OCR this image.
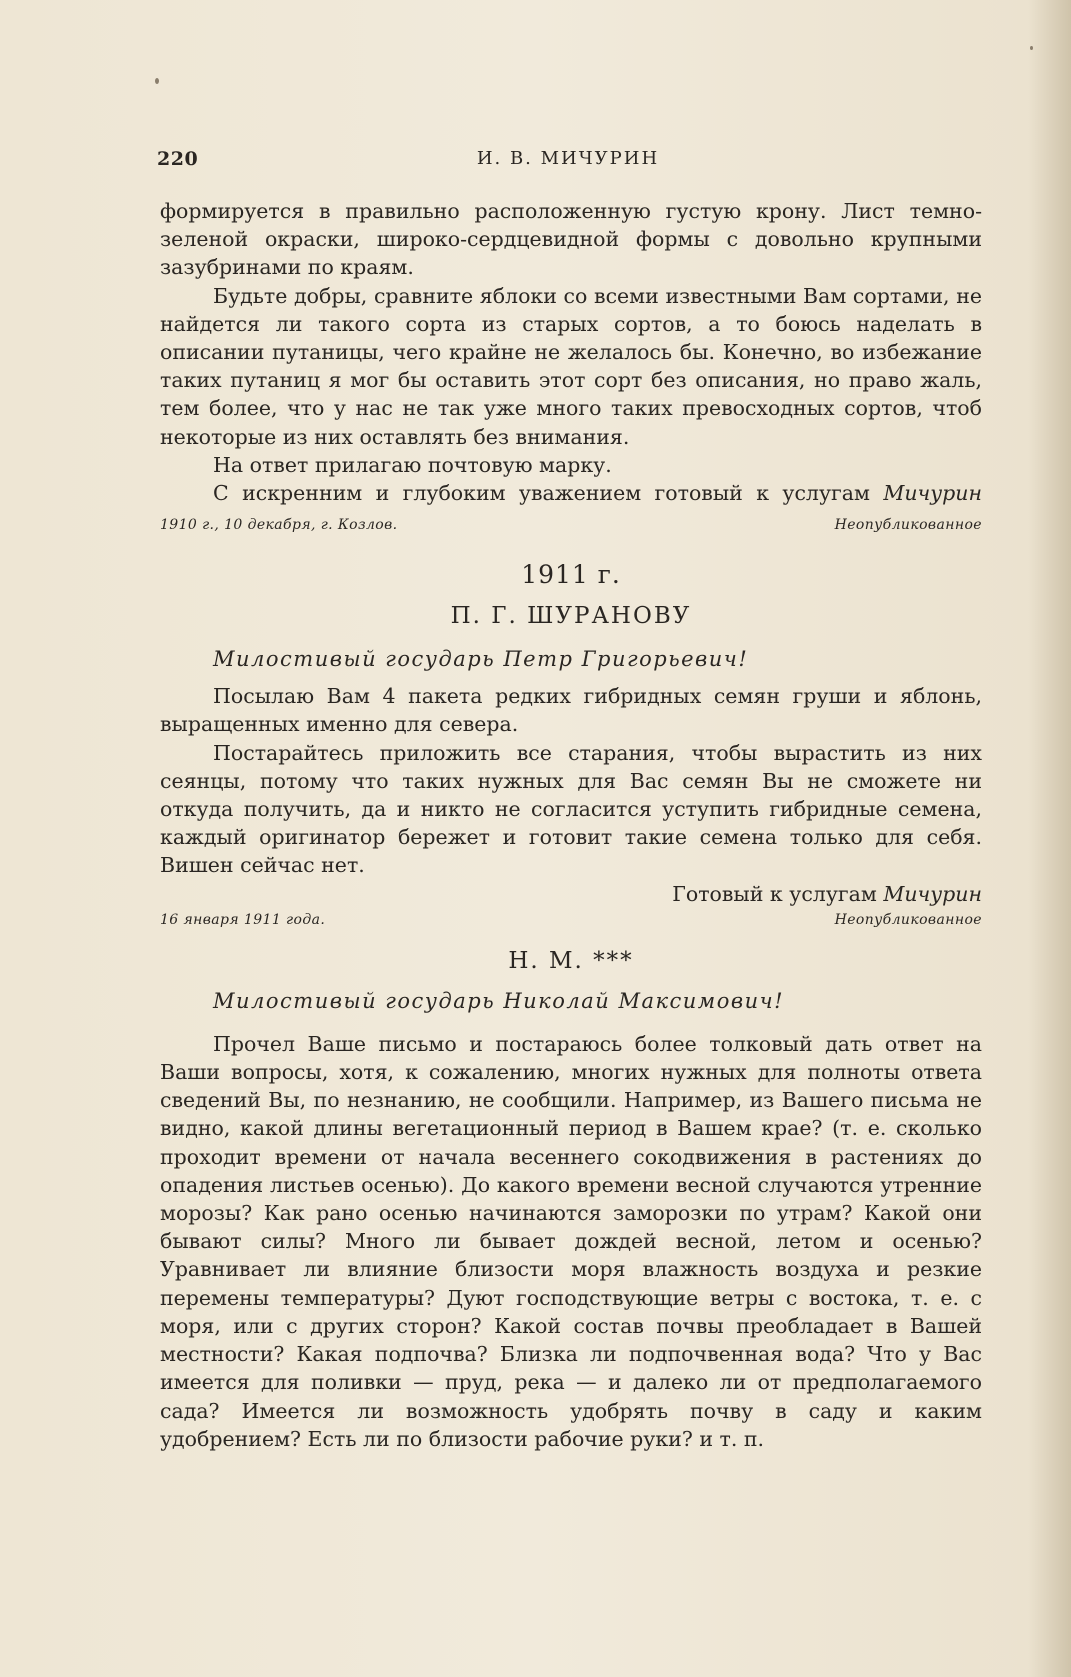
220	И. В. МИЧУРИН

формируется в правильно расположенную густую крону. Лист темно-зеленой окраски, широко-сердцевидной формы с довольно крупными зазубринами по краям.

Будьте добры, сравните яблоки со всеми известными Вам сортами, не найдется ли такого сорта из старых сортов, а то боюсь наделать в описании путаницы, чего крайне не желалось бы. Конечно, во избежание таких путаниц я мог бы оставить этот сорт без описания, но право жаль, тем более, что у нас не так уже много таких превосходных сортов, чтоб некоторые из них оставлять без внимания.

На ответ прилагаю почтовую марку.

С искренним и глубоким уважением готовый к услугам Мичурин

1910 г., 10 декабря, г. Козлов.	Неопубликованное
1911 г.
П. Г. ШУРАНОВУ
Милостивый государь Петр Григорьевич!

Посылаю Вам 4 пакета редких гибридных семян груши и яблонь, выращенных именно для севера.

Постарайтесь приложить все старания, чтобы вырастить из них сеянцы, потому что таких нужных для Вас семян Вы не сможете ни откуда получить, да и никто не согласится уступить гибридные семена, каждый оригинатор бережет и готовит такие семена только для себя. Вишен сейчас нет.

Готовый к услугам Мичурин

16 января 1911 года.	Неопубликованное
Н. М. ***
Милостивый государь Николай Максимович!

Прочел Ваше письмо и постараюсь более толковый дать ответ на Ваши вопросы, хотя, к сожалению, многих нужных для полноты ответа сведений Вы, по незнанию, не сообщили. Например, из Вашего письма не видно, какой длины вегетационный период в Вашем крае? (т. е. сколько проходит времени от начала весеннего сокодвижения в растениях до опадения листьев осенью). До какого времени весной случаются утренние морозы? Как рано осенью начинаются заморозки по утрам? Какой они бывают силы? Много ли бывает дождей весной, летом и осенью? Уравнивает ли влияние близости моря влажность воздуха и резкие перемены температуры? Дуют господствующие ветры с востока, т. е. с моря, или с других сторон? Какой состав почвы преобладает в Вашей местности? Какая подпочва? Близка ли подпочвенная вода? Что у Вас имеется для поливки — пруд, река — и далеко ли от предполагаемого сада? Имеется ли возможность удобрять почву в саду и каким удобрением? Есть ли по близости рабочие руки? и т. п.
